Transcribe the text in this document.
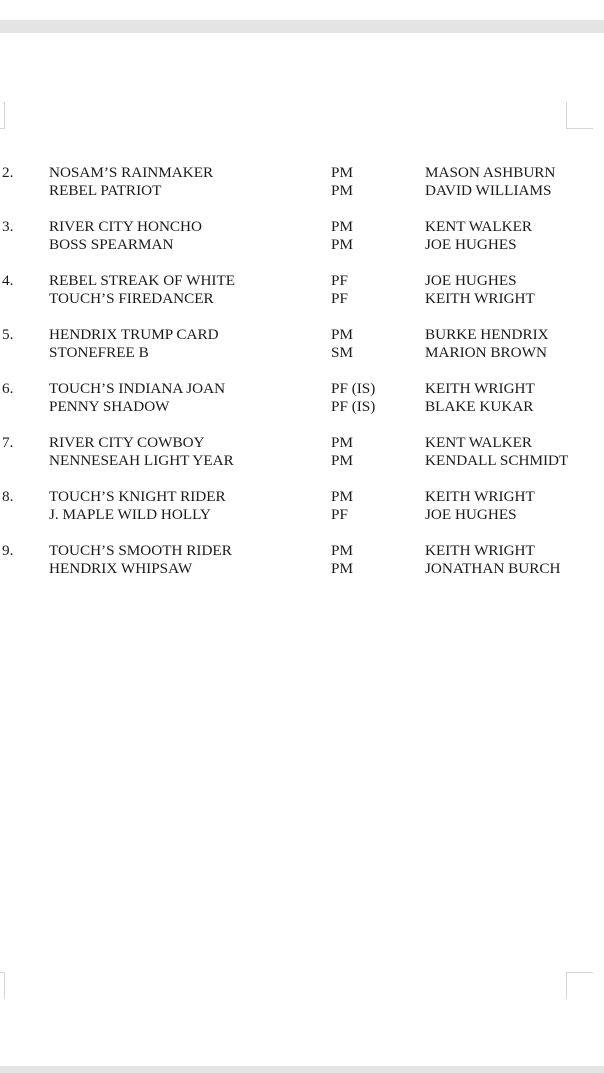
2. NOSAM’S RAINMAKER
REBEL PATRIOT
PM
PM
MASON ASHBURN
DAVID WILLIAMS
3. RIVER CITY HONCHO
BOSS SPEARMAN
PM
PM
KENT WALKER
JOE HUGHES
4. REBEL STREAK OF WHITE
TOUCH’S FIREDANCER
PF
PF
JOE HUGHES
KEITH WRIGHT
5. HENDRIX TRUMP CARD
STONEFREE B
PM
SM
BURKE HENDRIX
MARION BROWN
6. TOUCH’S INDIANA JOAN
PENNY SHADOW
PF (IS)
PF (IS)
KEITH WRIGHT
BLAKE KUKAR
7. RIVER CITY COWBOY
NENNESEAH LIGHT YEAR
PM
PM
KENT WALKER
KENDALL SCHMIDT
8. TOUCH’S KNIGHT RIDER
J. MAPLE WILD HOLLY
PM
PF
KEITH WRIGHT
JOE HUGHES
9. TOUCH’S SMOOTH RIDER
HENDRIX WHIPSAW
PM
PM
KEITH WRIGHT
JONATHAN BURCH
